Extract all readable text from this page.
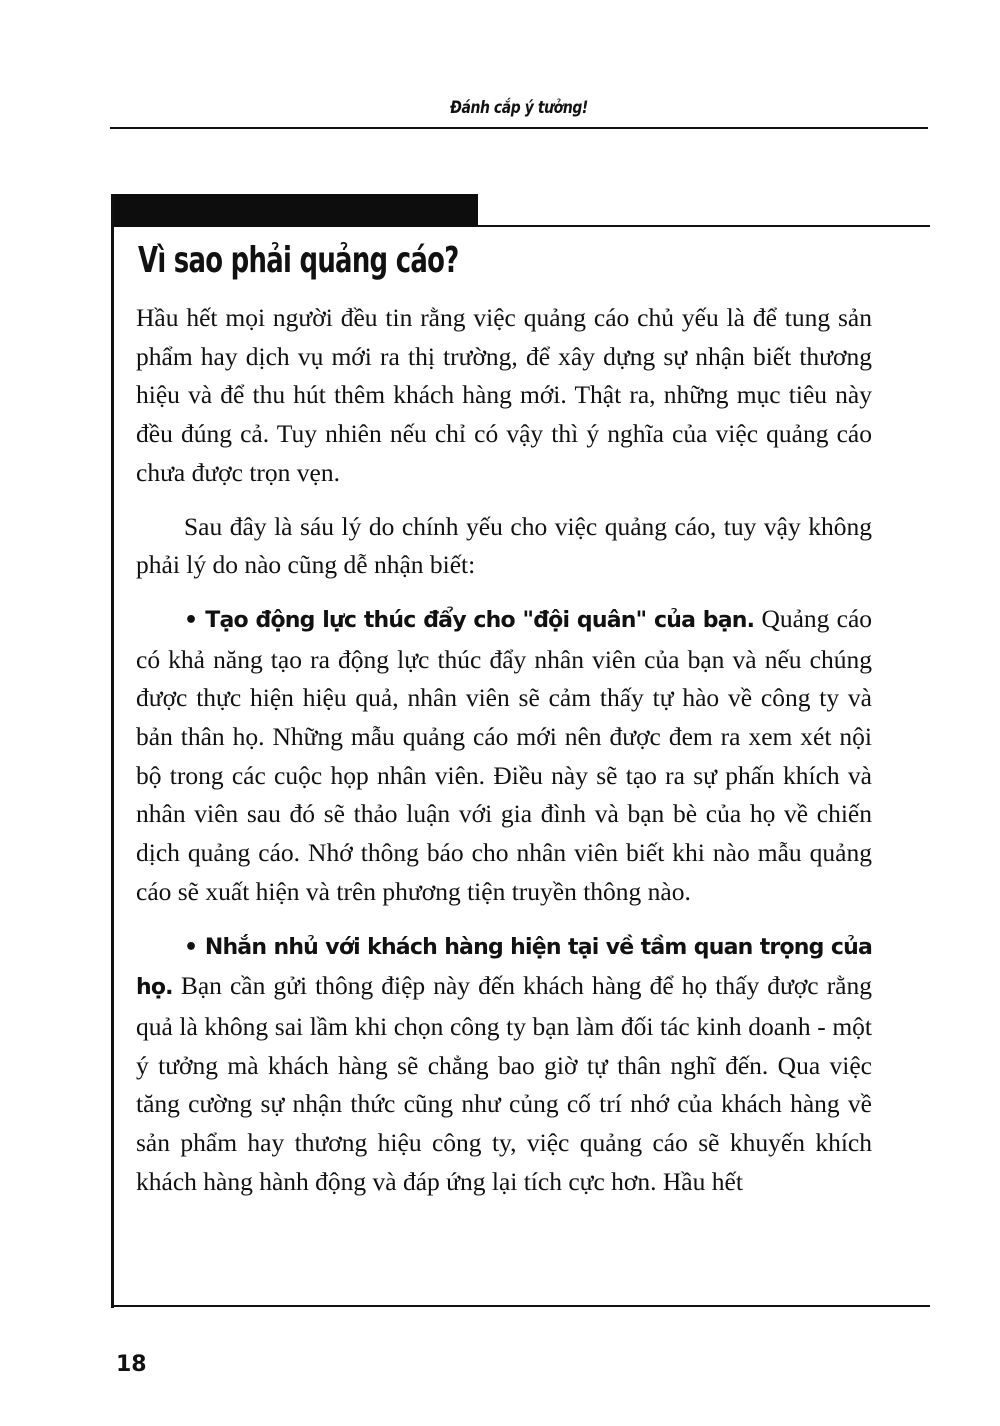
Đánh cắp ý tưởng!
Vì sao phải quảng cáo?

Hầu hết mọi người đều tin rằng việc quảng cáo chủ yếu là để tung sản phẩm hay dịch vụ mới ra thị trường, để xây dựng sự nhận biết thương hiệu và để thu hút thêm khách hàng mới. Thật ra, những mục tiêu này đều đúng cả. Tuy nhiên nếu chỉ có vậy thì ý nghĩa của việc quảng cáo chưa được trọn vẹn.

Sau đây là sáu lý do chính yếu cho việc quảng cáo, tuy vậy không phải lý do nào cũng dễ nhận biết:

• Tạo động lực thúc đẩy cho "đội quân" của bạn. Quảng cáo có khả năng tạo ra động lực thúc đẩy nhân viên của bạn và nếu chúng được thực hiện hiệu quả, nhân viên sẽ cảm thấy tự hào về công ty và bản thân họ. Những mẫu quảng cáo mới nên được đem ra xem xét nội bộ trong các cuộc họp nhân viên. Điều này sẽ tạo ra sự phấn khích và nhân viên sau đó sẽ thảo luận với gia đình và bạn bè của họ về chiến dịch quảng cáo. Nhớ thông báo cho nhân viên biết khi nào mẫu quảng cáo sẽ xuất hiện và trên phương tiện truyền thông nào.

• Nhắn nhủ với khách hàng hiện tại về tầm quan trọng của họ. Bạn cần gửi thông điệp này đến khách hàng để họ thấy được rằng quả là không sai lầm khi chọn công ty bạn làm đối tác kinh doanh - một ý tưởng mà khách hàng sẽ chẳng bao giờ tự thân nghĩ đến. Qua việc tăng cường sự nhận thức cũng như củng cố trí nhớ của khách hàng về sản phẩm hay thương hiệu công ty, việc quảng cáo sẽ khuyến khích khách hàng hành động và đáp ứng lại tích cực hơn. Hầu hết

18
